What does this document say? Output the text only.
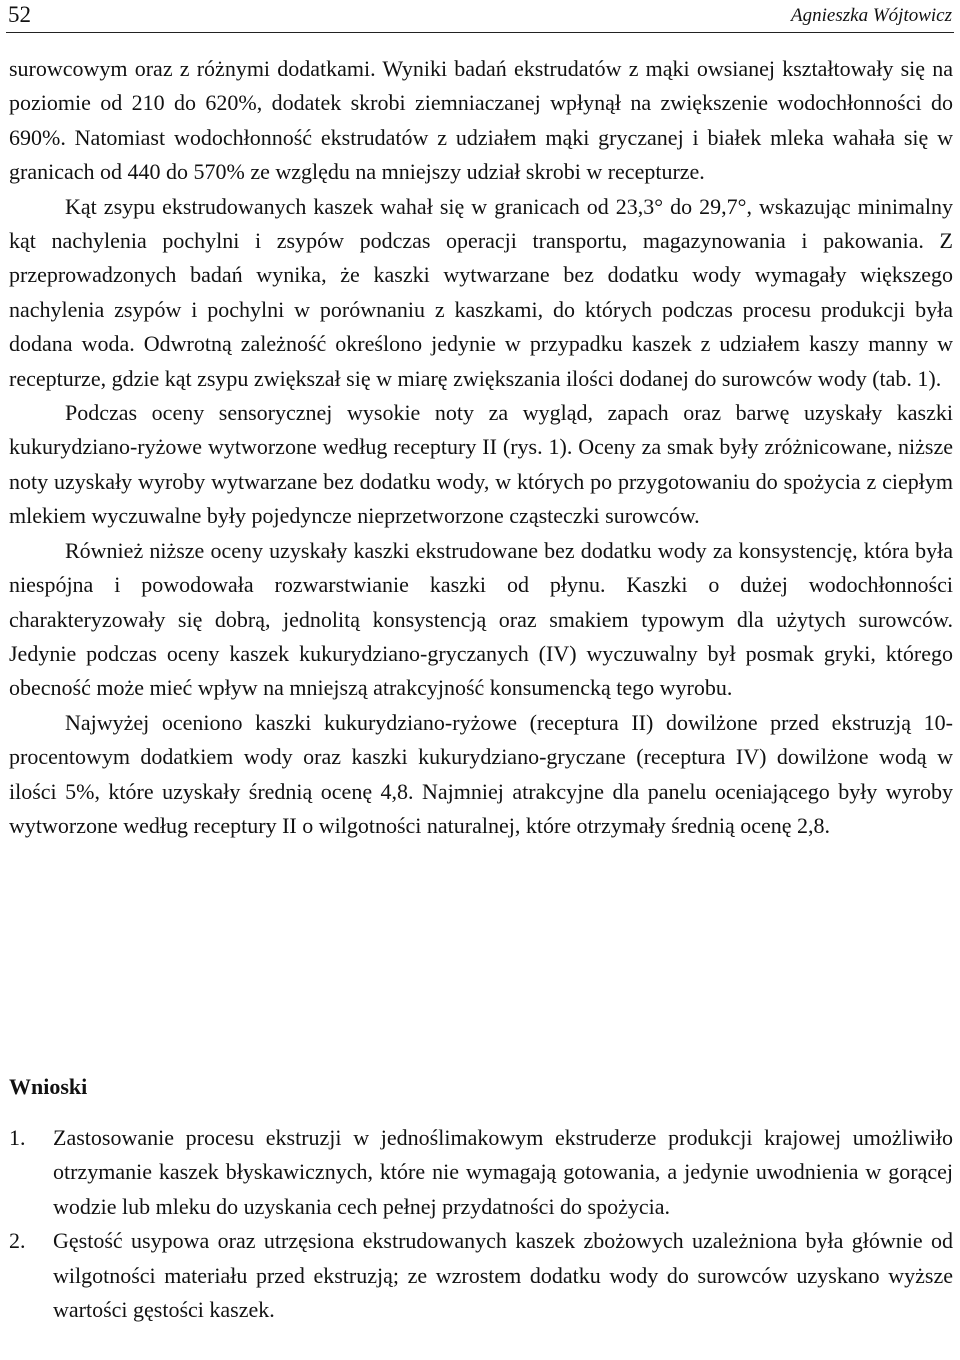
52	Agnieszka Wójtowicz

surowcowym oraz z różnymi dodatkami. Wyniki badań ekstrudatów z mąki owsianej kształtowały się na poziomie od 210 do 620%, dodatek skrobi ziemniaczanej wpłynął na zwiększenie wodochłonności do 690%. Natomiast wodochłonność ekstrudatów z udziałem mąki gryczanej i białek mleka wahała się w granicach od 440 do 570% ze względu na mniejszy udział skrobi w recepturze.

Kąt zsypu ekstrudowanych kaszek wahał się w granicach od 23,3° do 29,7°, wskazując minimalny kąt nachylenia pochylni i zsypów podczas operacji transportu, magazynowania i pakowania. Z przeprowadzonych badań wynika, że kaszki wytwarzane bez dodatku wody wymagały większego nachylenia zsypów i pochylni w porównaniu z kaszkami, do których podczas procesu produkcji była dodana woda. Odwrotną zależność określono jedynie w przypadku kaszek z udziałem kaszy manny w recepturze, gdzie kąt zsypu zwiększał się w miarę zwiększania ilości dodanej do surowców wody (tab. 1).

Podczas oceny sensorycznej wysokie noty za wygląd, zapach oraz barwę uzyskały kaszki kukurydziano-ryżowe wytworzone według receptury II (rys. 1). Oceny za smak były zróżnicowane, niższe noty uzyskały wyroby wytwarzane bez dodatku wody, w których po przygotowaniu do spożycia z ciepłym mlekiem wyczuwalne były pojedyncze nieprzetworzone cząsteczki surowców.

Również niższe oceny uzyskały kaszki ekstrudowane bez dodatku wody za konsystencję, która była niespójna i powodowała rozwarstwianie kaszki od płynu. Kaszki o dużej wodochłonności charakteryzowały się dobrą, jednolitą konsystencją oraz smakiem typowym dla użytych surowców. Jedynie podczas oceny kaszek kukurydziano-gryczanych (IV) wyczuwalny był posmak gryki, którego obecność może mieć wpływ na mniejszą atrakcyjność konsumencką tego wyrobu.

Najwyżej oceniono kaszki kukurydziano-ryżowe (receptura II) dowilżone przed ekstruzją 10-procentowym dodatkiem wody oraz kaszki kukurydziano-gryczane (receptura IV) dowilżone wodą w ilości 5%, które uzyskały średnią ocenę 4,8. Najmniej atrakcyjne dla panelu oceniającego były wyroby wytworzone według receptury II o wilgotności naturalnej, które otrzymały średnią ocenę 2,8.

Wnioski
1.	Zastosowanie procesu ekstruzji w jednoślimakowym ekstruderze produkcji krajowej umożliwiło otrzymanie kaszek błyskawicznych, które nie wymagają gotowania, a jedynie uwodnienia w gorącej wodzie lub mleku do uzyskania cech pełnej przydatności do spożycia.
2.	Gęstość usypowa oraz utrzęsiona ekstrudowanych kaszek zbożowych uzależniona była głównie od wilgotności materiału przed ekstruzją; ze wzrostem dodatku wody do surowców uzyskano wyższe wartości gęstości kaszek.
